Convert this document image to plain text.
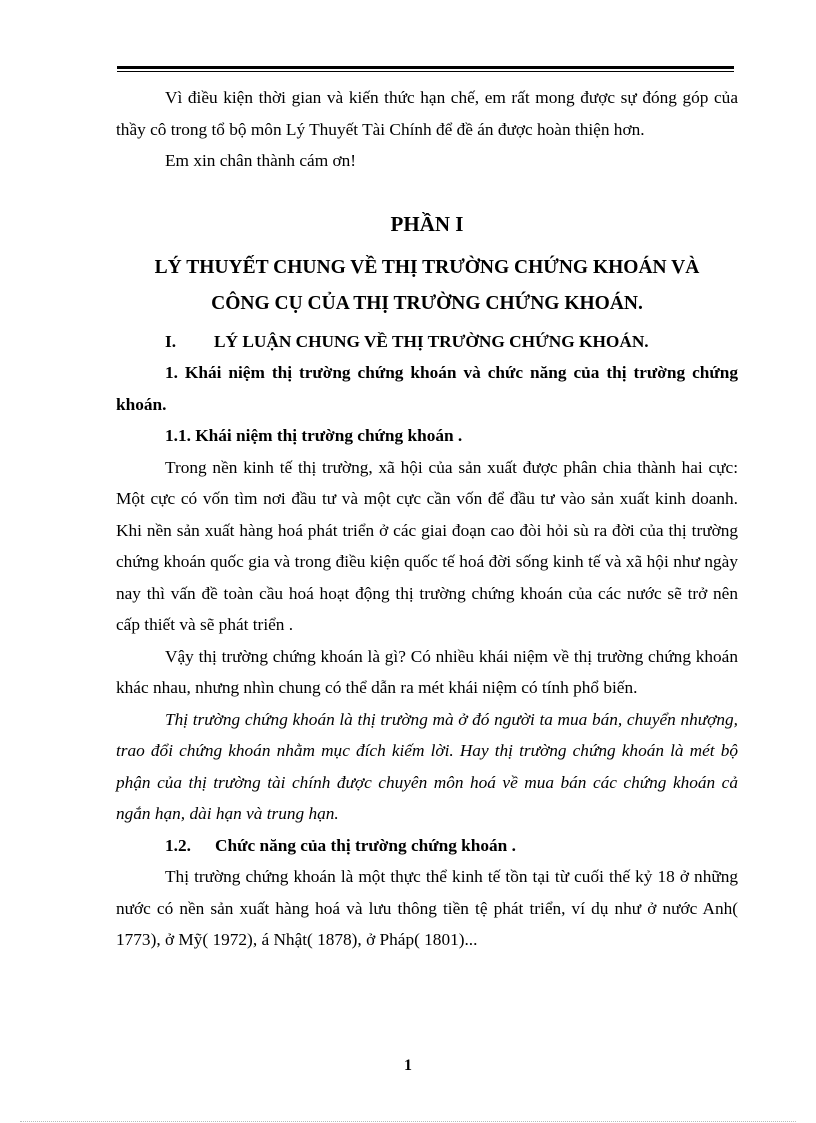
Vì điều kiện thời gian và kiến thức hạn chế, em rất mong được sự đóng góp của thầy cô trong tổ bộ môn Lý Thuyết Tài Chính để đề án được hoàn thiện hơn.

Em xin chân thành cám ơn!

PHẦN I

LÝ THUYẾT CHUNG VỀ THỊ TRƯỜNG CHỨNG KHOÁN VÀ
CÔNG CỤ CỦA THỊ TRƯỜNG CHỨNG KHOÁN.

I. LÝ LUẬN CHUNG VỀ THỊ TRƯỜNG CHỨNG KHOÁN.

1. Khái niệm thị trường chứng khoán và chức năng của thị trường chứng khoán.

1.1. Khái niệm thị trường chứng khoán .

Trong nền kinh tế thị trường, xã hội của sản xuất được phân chia thành hai cực: Một cực có vốn tìm nơi đầu tư và một cực cần vốn để đầu tư vào sản xuất kinh doanh. Khi nền sản xuất hàng hoá phát triển ở các giai đoạn cao đòi hỏi sù ra đời của thị trường chứng khoán quốc gia và trong điều kiện quốc tế hoá đời sống kinh tế và xã hội như ngày nay thì vấn đề toàn cầu hoá hoạt động thị trường chứng khoán của các nước sẽ trở nên cấp thiết và sẽ phát triển .

Vậy thị trường chứng khoán là gì? Có nhiều khái niệm về thị trường chứng khoán khác nhau, nhưng nhìn chung có thể dẫn ra mét khái niệm có tính phổ biến.

Thị trường chứng khoán là thị trường mà ở đó người ta mua bán, chuyển nhượng, trao đổi chứng khoán nhằm mục đích kiếm lời. Hay thị trường chứng khoán là mét bộ phận của thị trường tài chính được chuyên môn hoá về mua bán các chứng khoán cả ngắn hạn, dài hạn và trung hạn.

1.2. Chức năng của thị trường chứng khoán .

Thị trường chứng khoán là một thực thể kinh tế tồn tại từ cuối thế kỷ 18 ở những nước có nền sản xuất hàng hoá và lưu thông tiền tệ phát triển, ví dụ như ở nước Anh( 1773), ở Mỹ( 1972), á Nhật( 1878), ở Pháp( 1801)...

1
